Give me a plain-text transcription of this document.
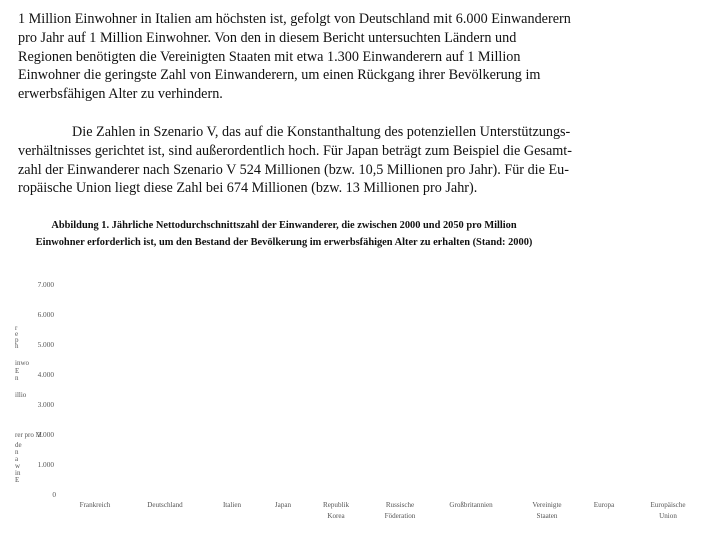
1 Million Einwohner in Italien am höchsten ist, gefolgt von Deutschland mit 6.000 Einwanderern
pro Jahr auf 1 Million Einwohner. Von den in diesem Bericht untersuchten Ländern und
Regionen benötigten die Vereinigten Staaten mit etwa 1.300 Einwanderern auf 1 Million
Einwohner die geringste Zahl von Einwanderern, um einen Rückgang ihrer Bevölkerung im
erwerbsfähigen Alter zu verhindern.
Die Zahlen in Szenario V, das auf die Konstanthaltung des potenziellen Unterstützungs-
verhältnisses gerichtet ist, sind außerordentlich hoch. Für Japan beträgt zum Beispiel die Gesamt-
zahl der Einwanderer nach Szenario V 524 Millionen (bzw. 10,5 Millionen pro Jahr). Für die Eu-
ropäische Union liegt diese Zahl bei 674 Millionen (bzw. 13 Millionen pro Jahr).
Abbildung 1. Jährliche Nettodurchschnittszahl der Einwanderer, die zwischen 2000 und 2050 pro Million
Einwohner erforderlich ist, um den Bestand der Bevölkerung im erwerbsfähigen Alter zu erhalten (Stand: 2000)
0
1.000
2.000
3.000
4.000
5.000
6.000
7.000
Frankreich	Deutschland	Italien	Japan	Republik
Korea
Russische
Föderation
Großbritannien	Vereinigte
Staaten
Europa	Europäische
Union
r
e
p
h
inwo
E
n
illio
rer pro M
de
n
a
w
in
E
